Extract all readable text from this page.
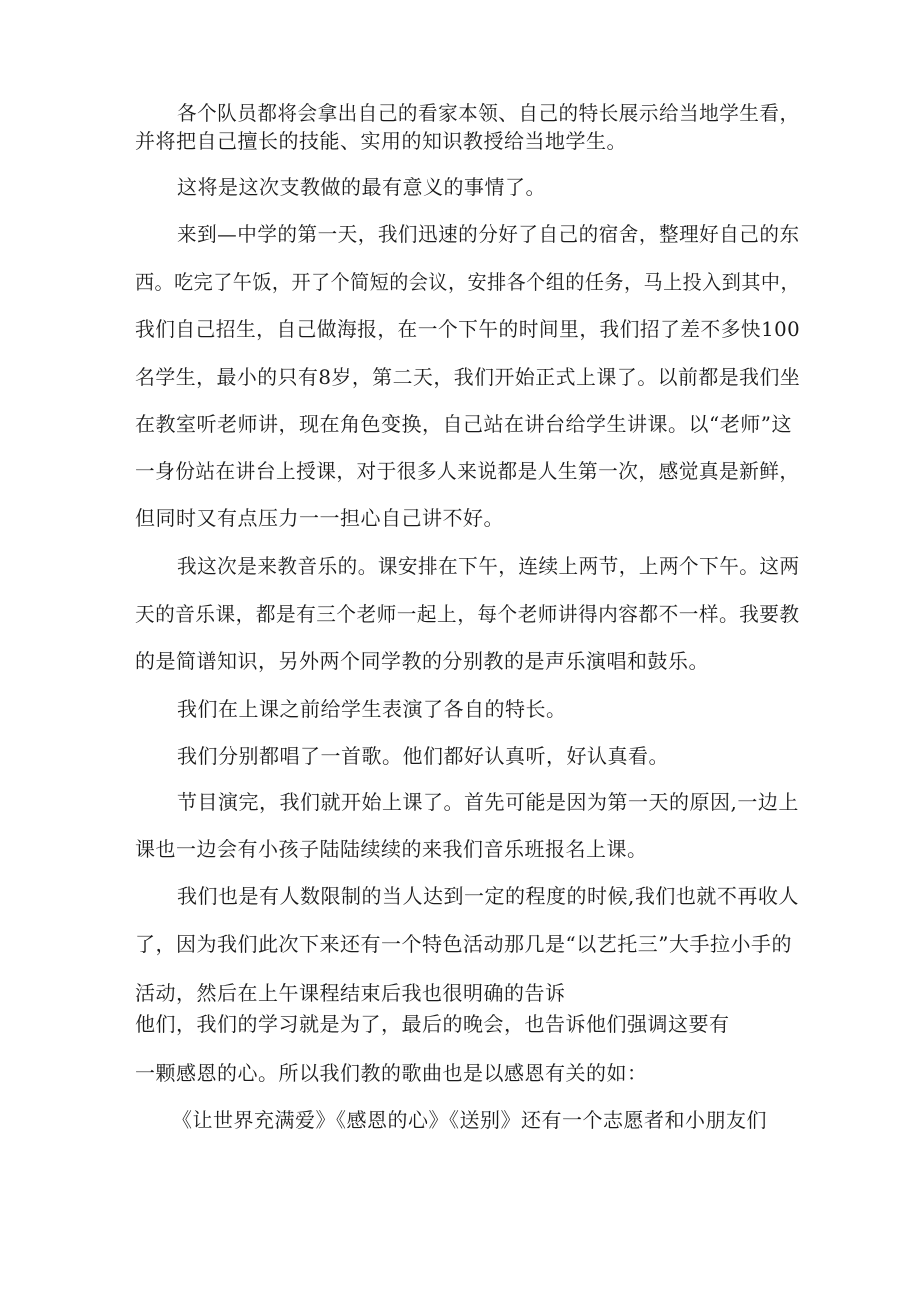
各个队员都将会拿出自己的看家本领、自己的特长展示给当地学生看，
并将把自己擅长的技能、实用的知识教授给当地学生。
这将是这次支教做的最有意义的事情了。
来到—中学的第一天，我们迅速的分好了自己的宿舍，整理好自己的东
西。吃完了午饭，开了个简短的会议，安排各个组的任务，马上投入到其中，
我们自己招生，自己做海报，在一个下午的时间里，我们招了差不多快100
名学生，最小的只有8岁，第二天，我们开始正式上课了。以前都是我们坐
在教室听老师讲，现在角色变换，自己站在讲台给学生讲课。以“老师”这
一身份站在讲台上授课，对于很多人来说都是人生第一次，感觉真是新鲜，
但同时又有点压力一一担心自己讲不好。
我这次是来教音乐的。课安排在下午，连续上两节，上两个下午。这两
天的音乐课，都是有三个老师一起上，每个老师讲得内容都不一样。我要教
的是简谱知识，另外两个同学教的分别教的是声乐演唱和鼓乐。
我们在上课之前给学生表演了各自的特长。
我们分别都唱了一首歌。他们都好认真听，好认真看。
节目演完，我们就开始上课了。首先可能是因为第一天的原因,一边上
课也一边会有小孩子陆陆续续的来我们音乐班报名上课。
我们也是有人数限制的当人达到一定的程度的时候,我们也就不再收人
了，因为我们此次下来还有一个特色活动那几是“以艺托三”大手拉小手的
活动，然后在上午课程结束后我也很明确的告诉
他们，我们的学习就是为了，最后的晚会，也告诉他们强调这要有
一颗感恩的心。所以我们教的歌曲也是以感恩有关的如：
《让世界充满爱》《感恩的心》《送别》还有一个志愿者和小朋友们
